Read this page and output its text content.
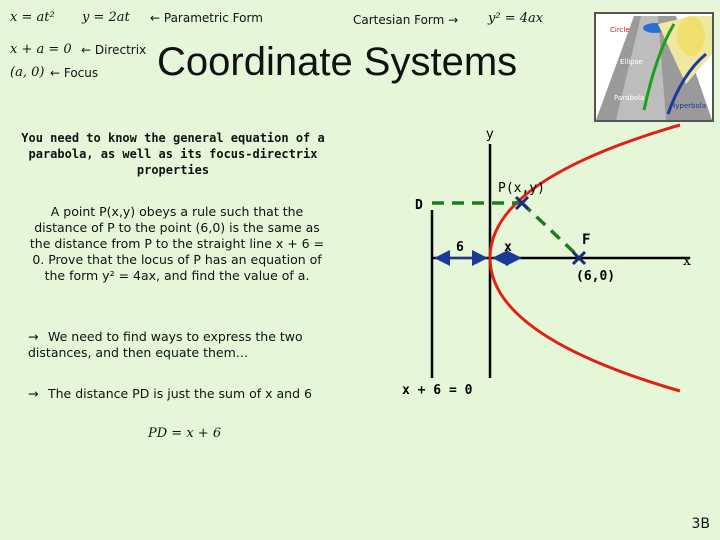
x = at² y = 2at ← Parametric Form	Cartesian Form → y² = 4ax
x + a = 0 ← Directrix
(a, 0) ← Focus Coordinate Systems
Circle
Ellipse
Parabola
Hyperbola
You need to know the general equation of a parabola, as well as its focus-directrix properties
A point P(x,y) obeys a rule such that the distance of P to the point (6,0) is the same as the distance from P to the straight line x + 6 = 0. Prove that the locus of P has an equation of the form y² = 4ax, and find the value of a.
→ We need to find ways to express the two distances, and then equate them…
→ The distance PD is just the sum of x and 6
PD = x + 6
y
x
P(x,y)
D
6	x	F
(6,0)
x + 6 = 0
3B
